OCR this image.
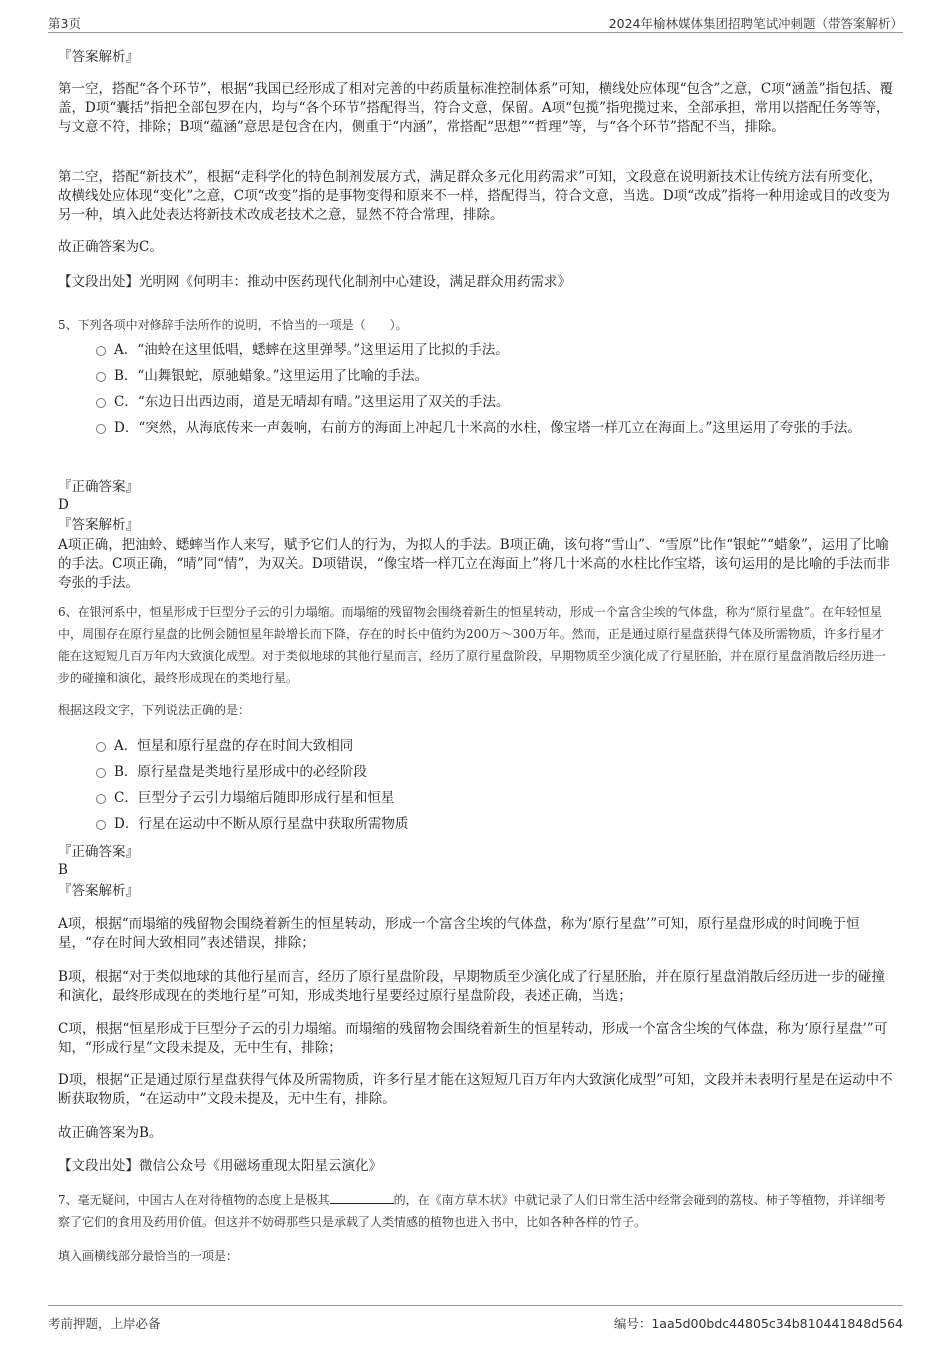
第3页	2024年榆林媒体集团招聘笔试冲刺题（带答案解析）
『答案解析』
第一空，搭配“各个环节”，根据“我国已经形成了相对完善的中药质量标准控制体系”可知，横线处应体现“包含”之意，C项“涵盖”指包括、覆盖，D项“囊括”指把全部包罗在内，均与“各个环节”搭配得当，符合文意，保留。A项“包揽”指兜揽过来，全部承担，常用以搭配任务等等，与文意不符，排除；B项“蕴涵”意思是包含在内，侧重于“内涵”，常搭配“思想”“哲理”等，与“各个环节”搭配不当，排除。
第二空，搭配“新技术”，根据“走科学化的特色制剂发展方式，满足群众多元化用药需求”可知，文段意在说明新技术让传统方法有所变化，故横线处应体现“变化”之意，C项“改变”指的是事物变得和原来不一样，搭配得当，符合文意，当选。D项“改成”指将一种用途或目的改变为另一种，填入此处表达将新技术改成老技术之意，显然不符合常理，排除。
故正确答案为C。
【文段出处】光明网《何明丰：推动中医药现代化制剂中心建设，满足群众用药需求》
5、下列各项中对修辞手法所作的说明，不恰当的一项是（　　）。
A．“油蛉在这里低唱，蟋蟀在这里弹琴。”这里运用了比拟的手法。
B．“山舞银蛇，原驰蜡象。”这里运用了比喻的手法。
C．“东边日出西边雨，道是无晴却有晴。”这里运用了双关的手法。
D．“突然，从海底传来一声轰响，右前方的海面上冲起几十米高的水柱，像宝塔一样兀立在海面上。”这里运用了夸张的手法。
『正确答案』
D
『答案解析』
A项正确，把油蛉、蟋蟀当作人来写，赋予它们人的行为，为拟人的手法。B项正确，该句将“雪山”、“雪原”比作“银蛇”“蜡象”，运用了比喻的手法。C项正确，“晴”同“情”，为双关。D项错误，“像宝塔一样兀立在海面上”将几十米高的水柱比作宝塔，该句运用的是比喻的手法而非夸张的手法。
6、在银河系中，恒星形成于巨型分子云的引力塌缩。而塌缩的残留物会围绕着新生的恒星转动，形成一个富含尘埃的气体盘，称为“原行星盘”。在年轻恒星中，周围存在原行星盘的比例会随恒星年龄增长而下降，存在的时长中值约为200万～300万年。然而，正是通过原行星盘获得气体及所需物质，许多行星才能在这短短几百万年内大致演化成型。对于类似地球的其他行星而言，经历了原行星盘阶段，早期物质至少演化成了行星胚胎，并在原行星盘消散后经历进一步的碰撞和演化，最终形成现在的类地行星。
根据这段文字，下列说法正确的是：
A．恒星和原行星盘的存在时间大致相同
B．原行星盘是类地行星形成中的必经阶段
C．巨型分子云引力塌缩后随即形成行星和恒星
D．行星在运动中不断从原行星盘中获取所需物质
『正确答案』
B
『答案解析』
A项，根据“而塌缩的残留物会围绕着新生的恒星转动，形成一个富含尘埃的气体盘，称为‘原行星盘’”可知，原行星盘形成的时间晚于恒星，“存在时间大致相同”表述错误，排除；
B项，根据“对于类似地球的其他行星而言，经历了原行星盘阶段，早期物质至少演化成了行星胚胎，并在原行星盘消散后经历进一步的碰撞和演化，最终形成现在的类地行星”可知，形成类地行星要经过原行星盘阶段，表述正确，当选；
C项，根据“恒星形成于巨型分子云的引力塌缩。而塌缩的残留物会围绕着新生的恒星转动，形成一个富含尘埃的气体盘，称为‘原行星盘’”可知，“形成行星”文段未提及，无中生有，排除；
D项，根据“正是通过原行星盘获得气体及所需物质，许多行星才能在这短短几百万年内大致演化成型”可知，文段并未表明行星是在运动中不断获取物质，“在运动中”文段未提及，无中生有，排除。
故正确答案为B。
【文段出处】微信公众号《用磁场重现太阳星云演化》
7、毫无疑问，中国古人在对待植物的态度上是极其	的，在《南方草木状》中就记录了人们日常生活中经常会碰到的荔枝、柿子等植物，并详细考察了它们的食用及药用价值。但这并不妨碍那些只是承载了人类情感的植物也进入书中，比如各种各样的竹子。
填入画横线部分最恰当的一项是：
考前押题，上岸必备	编号：1aa5d00bdc44805c34b810441848d564
